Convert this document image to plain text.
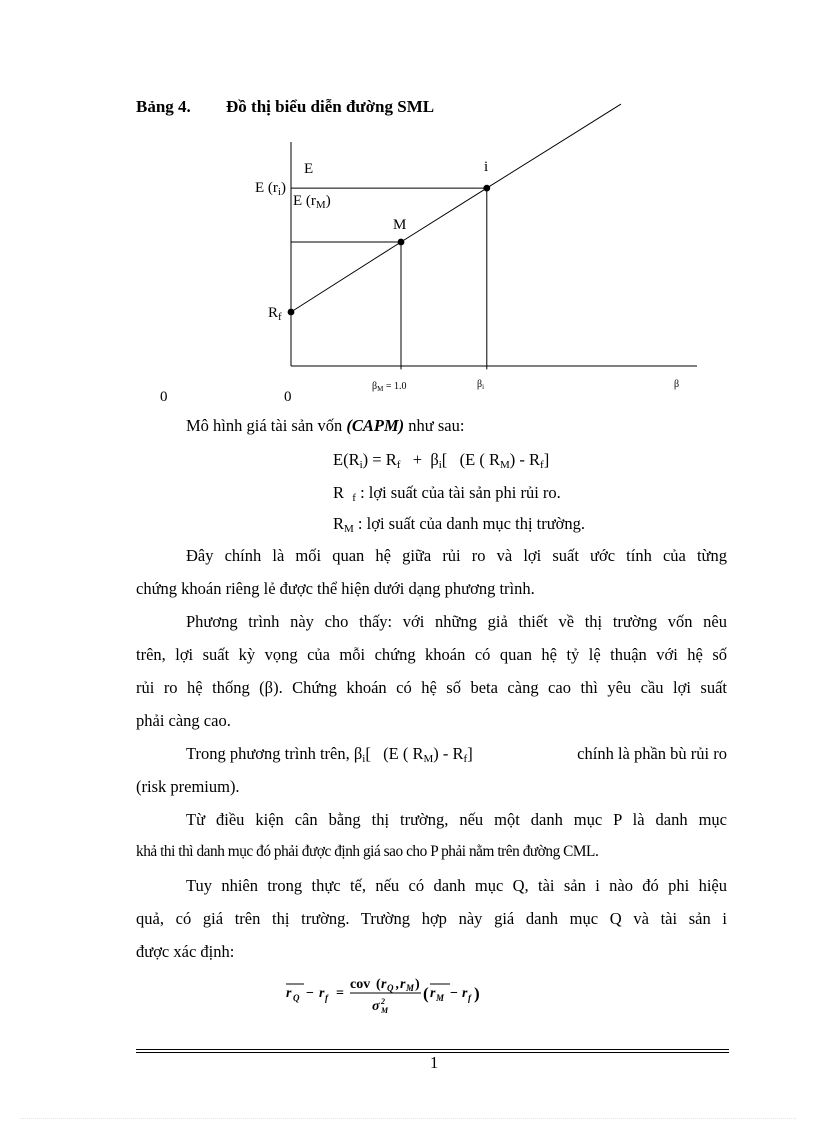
Bảng 4. Đồ thị biểu diễn đường SML
E
E $(r_i)$
E $(r_M)$
$R_f$
M
i
0	0
$\beta_M = 1.0$	$\beta_i$	β
Mô hình giá tài sản vốn (CAPM) như sau:
$E(R_i) = R_f + \beta_i$[   (E ( $R_M) - R_f$]
R  $_f$ : lợi suất của tài sản phi rủi ro.
$R_M$ : lợi suất của danh mục thị trường.
Đây chính là mối quan hệ giữa rủi ro và lợi suất ước tính của từng
chứng khoán riêng lẻ được thể hiện dưới dạng phương trình.
Phương trình này cho thấy: với những giả thiết về thị trường vốn nêu
trên, lợi suất kỳ vọng của mỗi chứng khoán có quan hệ tỷ lệ thuận với hệ số
rủi ro hệ thống (β). Chứng khoán có hệ số beta càng cao thì yêu cầu lợi suất
phải càng cao.
Trong phương trình trên, $\beta_i$[   (E ( $R_M) - R_f$]	chính là phần bù rủi ro
(risk premium).
Từ điều kiện cân bằng thị trường, nếu một danh mục P là danh mục
khả thi thì danh mục đó phải được định giá sao cho P phải nằm trên đường CML.
Tuy nhiên trong thực tế, nếu có danh mục Q, tài sản i nào đó phi hiệu
quả, có giá trên thị trường. Trường hợp này giá danh mục Q và tài sản i
được xác định:
r Q − r f =
cov ( r Q , r M )
σ 2
M
( r M − r f )
1
